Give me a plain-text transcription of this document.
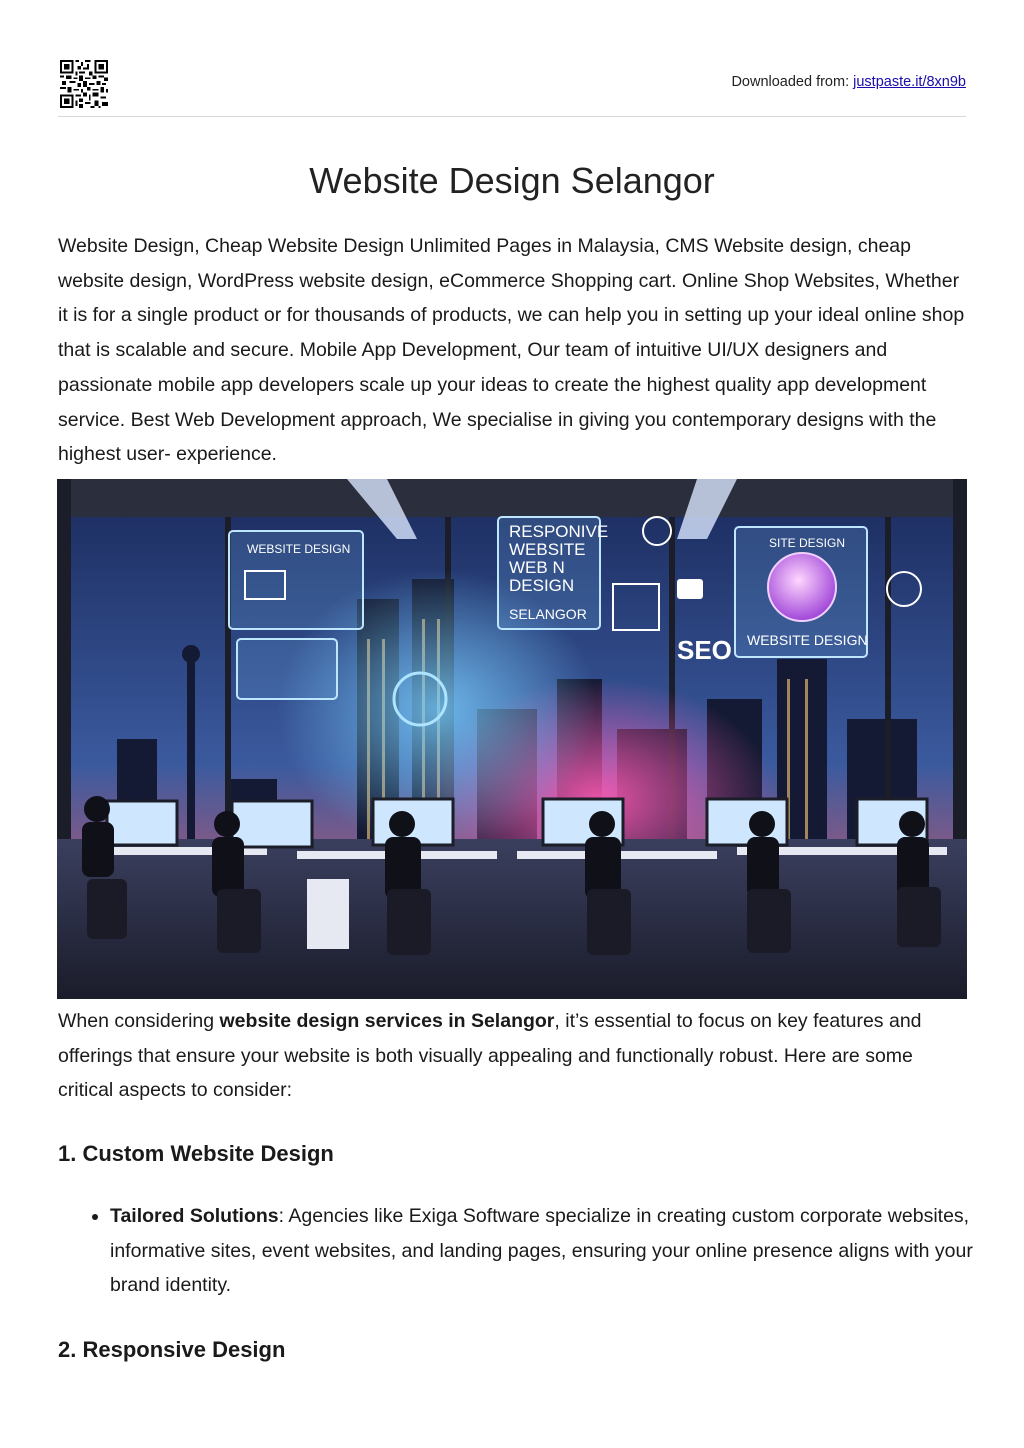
Downloaded from: justpaste.it/8xn9b
Website Design Selangor

Website Design, Cheap Website Design Unlimited Pages in Malaysia, CMS Website design, cheap website design, WordPress website design, eCommerce Shopping cart. Online Shop Websites, Whether it is for a single product or for thousands of products, we can help you in setting up your ideal online shop that is scalable and secure. Mobile App Development, Our team of intuitive UI/UX designers and passionate mobile app developers scale up your ideas to create the highest quality app development service. Best Web Development approach, We specialise in giving you contemporary designs with the highest user- experience.

WEBSITE DESIGN
RESPONIVE
WEBSITE
WEB N
DESIGN
SELANGOR
SITE DESIGN
WEBSITE DESIGN
SEO

When considering website design services in Selangor, it’s essential to focus on key features and offerings that ensure your website is both visually appealing and functionally robust. Here are some critical aspects to consider:

1. Custom Website Design
• Tailored Solutions: Agencies like Exiga Software specialize in creating custom corporate websites, informative sites, event websites, and landing pages, ensuring your online presence aligns with your brand identity.
2. Responsive Design
